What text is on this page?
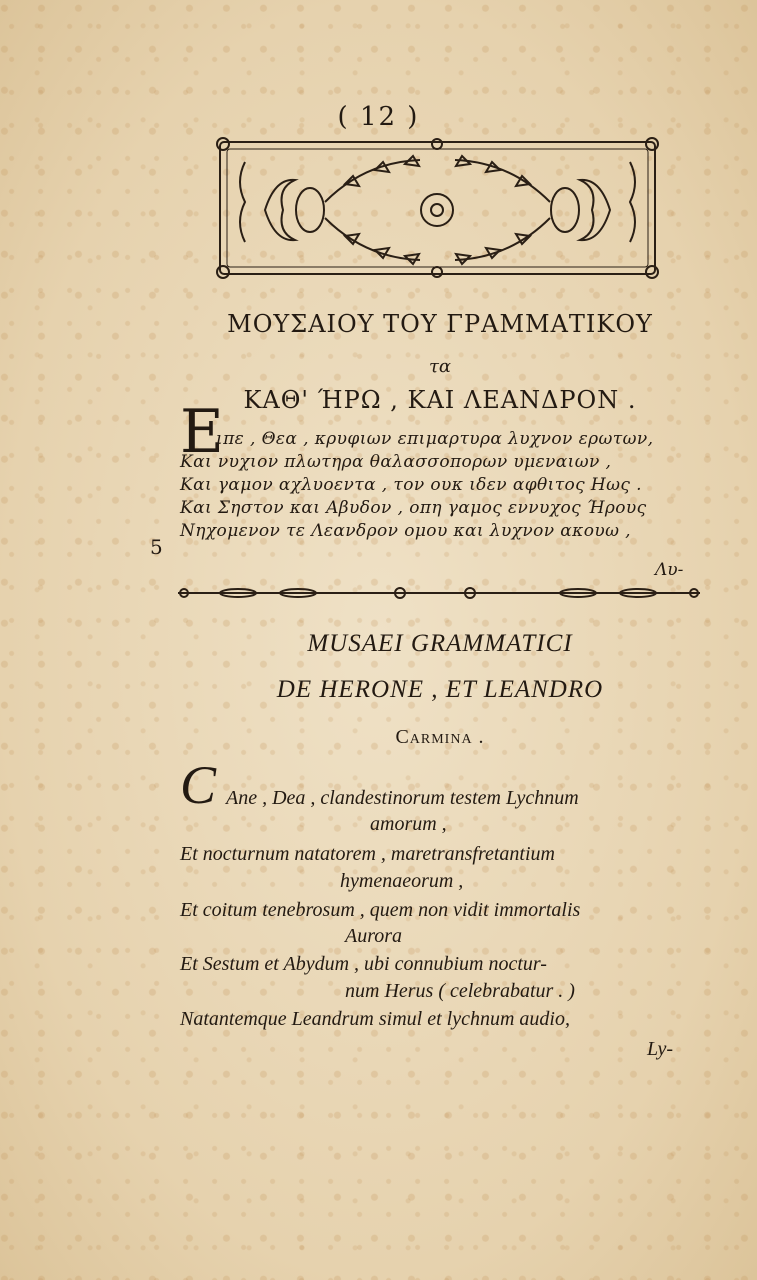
( 12 )
ΜΟΥΣΑΙΟΥ ΤΟΥ ΓΡΑΜΜΑΤΙΚΟΥ
τα
ΚΑΘ' ΉΡΩ , ΚΑΙ ΛΕΑΝΔΡΟΝ .
Ε
ιπε , Θεα , κρυφιων επιμαρτυρα λυχνον ερωτων,
Και νυχιον πλωτηρα θαλασσοπορων υμεναιων ,
Και γαμον αχλυοεντα , τον ουκ ιδεν αφθιτος Ηως .
Και Σηστον και Αβυδον , οπη γαμος εννυχος Ήρους
Νηχομενον τε Λεανδρον ομου και λυχνον ακουω ,
5
Λυ-
MUSAEI GRAMMATICI
DE HERONE , ET LEANDRO
Carmina .
C Ane , Dea , clandestinorum testem Lychnum
amorum ,
Et nocturnum natatorem , maretransfretantium
hymenaeorum ,
Et coitum tenebrosum , quem non vidit immortalis
Aurora
Et Sestum et Abydum , ubi connubium noctur-
num Herus ( celebrabatur . )
Natantemque Leandrum simul et lychnum audio,
Ly-
